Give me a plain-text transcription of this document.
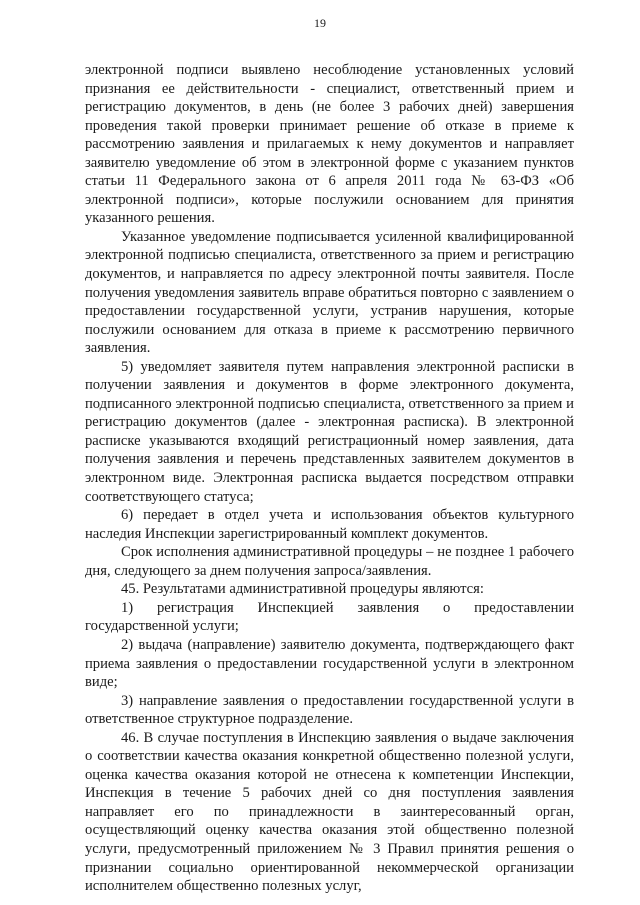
19

электронной подписи выявлено несоблюдение установленных условий признания ее действительности - специалист, ответственный прием и регистрацию документов, в день (не более 3 рабочих дней) завершения проведения такой проверки принимает решение об отказе в приеме к рассмотрению заявления и прилагаемых к нему документов и направляет заявителю уведомление об этом в электронной форме с указанием пунктов статьи 11 Федерального закона от 6 апреля 2011 года № 63-ФЗ «Об электронной подписи», которые послужили основанием для принятия указанного решения.

Указанное уведомление подписывается усиленной квалифицированной электронной подписью специалиста, ответственного за прием и регистрацию документов, и направляется по адресу электронной почты заявителя. После получения уведомления заявитель вправе обратиться повторно с заявлением о предоставлении государственной услуги, устранив нарушения, которые послужили основанием для отказа в приеме к рассмотрению первичного заявления.

5) уведомляет заявителя путем направления электронной расписки в получении заявления и документов в форме электронного документа, подписанного электронной подписью специалиста, ответственного за прием и регистрацию документов (далее - электронная расписка). В электронной расписке указываются входящий регистрационный номер заявления, дата получения заявления и перечень представленных заявителем документов в электронном виде. Электронная расписка выдается посредством отправки соответствующего статуса;

6) передает в отдел учета и использования объектов культурного наследия Инспекции зарегистрированный комплект документов.

Срок исполнения административной процедуры – не позднее 1 рабочего дня, следующего за днем получения запроса/заявления.

45. Результатами административной процедуры являются:

1) регистрация Инспекцией заявления о предоставлении государственной услуги;

2) выдача (направление) заявителю документа, подтверждающего факт приема заявления о предоставлении государственной услуги в электронном виде;

3) направление заявления о предоставлении государственной услуги в ответственное структурное подразделение.

46. В случае поступления в Инспекцию заявления о выдаче заключения о соответствии качества оказания конкретной общественно полезной услуги, оценка качества оказания которой не отнесена к компетенции Инспекции, Инспекция в течение 5 рабочих дней со дня поступления заявления направляет его по принадлежности в заинтересованный орган, осуществляющий оценку качества оказания этой общественно полезной услуги, предусмотренный приложением № 3 Правил принятия решения о признании социально ориентированной некоммерческой организации исполнителем общественно полезных услуг,
